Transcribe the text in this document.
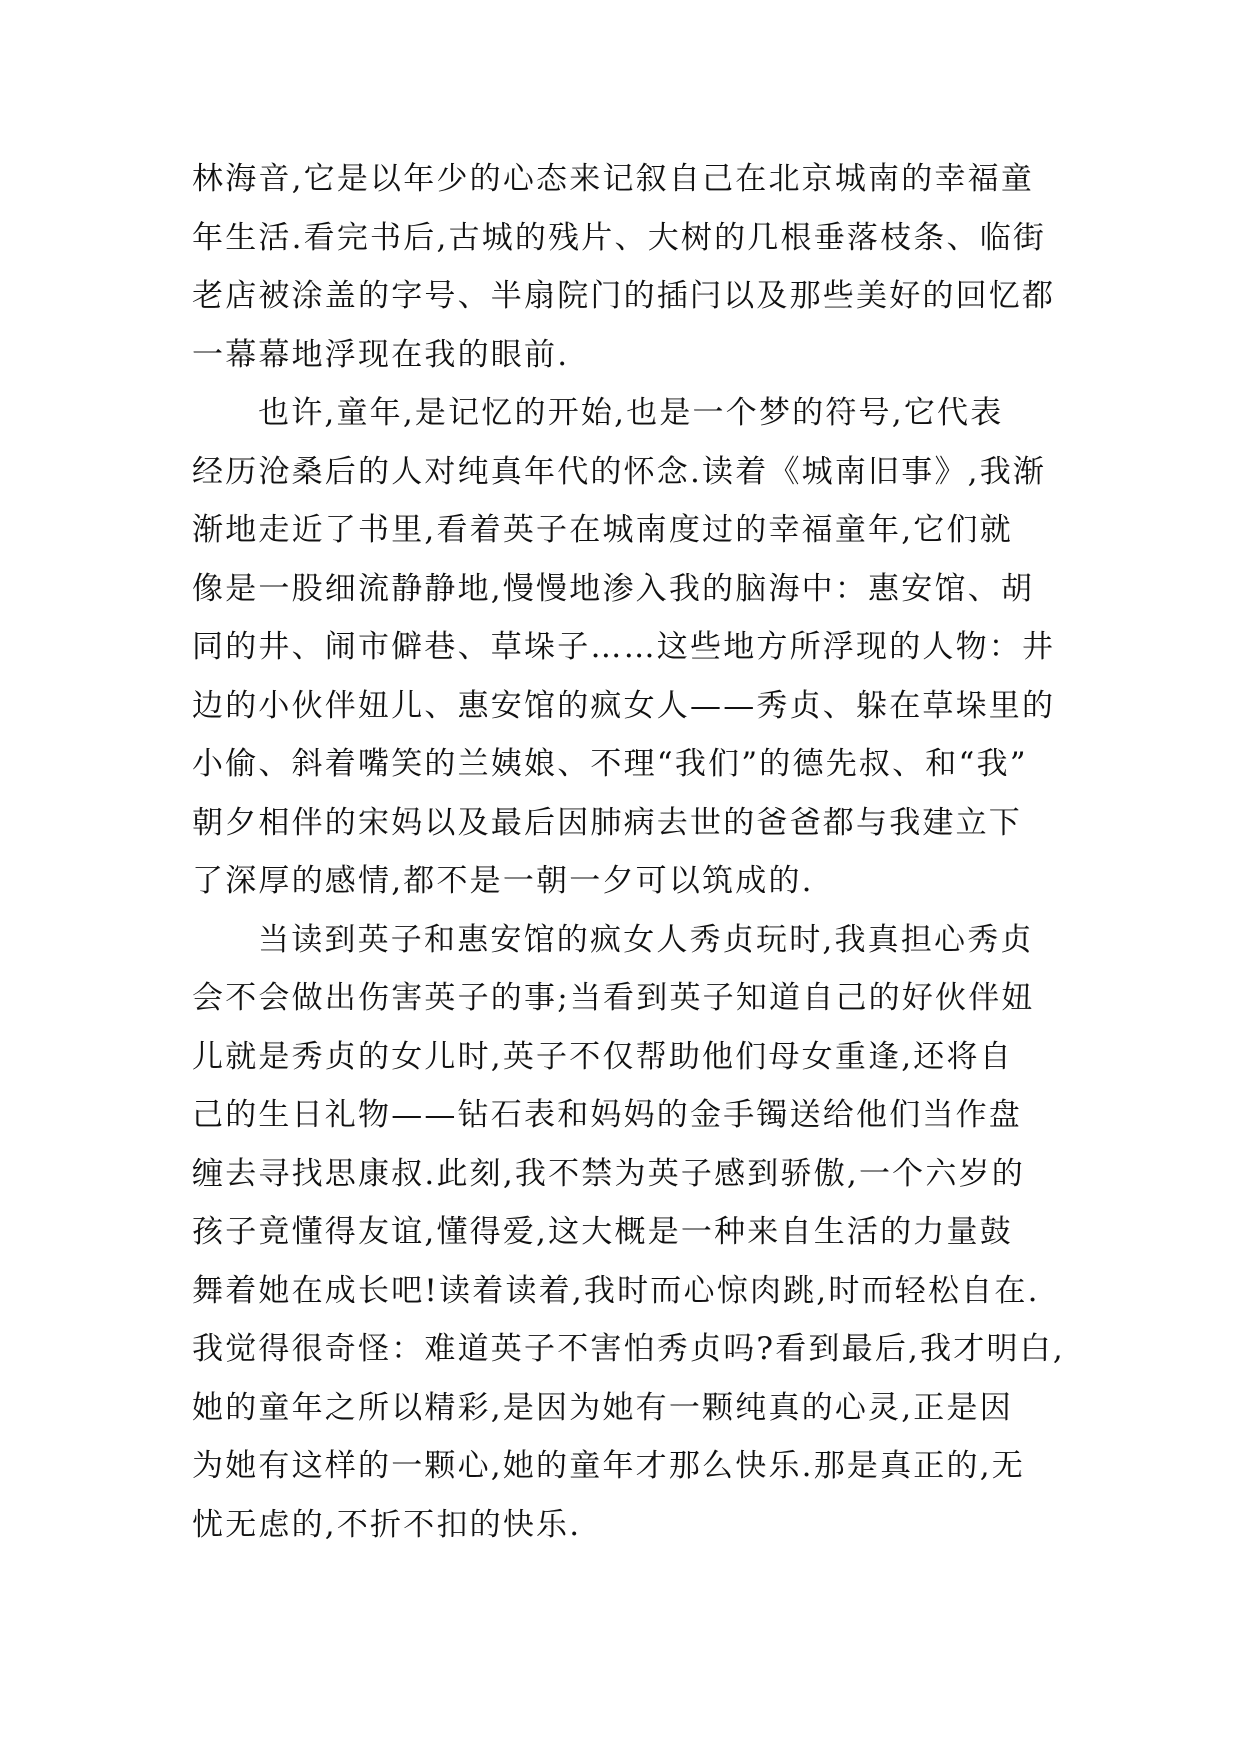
林海音,它是以年少的心态来记叙自己在北京城南的幸福童
年生活.看完书后,古城的残片、大树的几根垂落枝条、临街
老店被涂盖的字号、半扇院门的插闩以及那些美好的回忆都
一幕幕地浮现在我的眼前.
也许,童年,是记忆的开始,也是一个梦的符号,它代表
经历沧桑后的人对纯真年代的怀念.读着《城南旧事》,我渐
渐地走近了书里,看着英子在城南度过的幸福童年,它们就
像是一股细流静静地,慢慢地渗入我的脑海中：惠安馆、胡
同的井、闹市僻巷、草垛子……这些地方所浮现的人物：井
边的小伙伴妞儿、惠安馆的疯女人——秀贞、躲在草垛里的
小偷、斜着嘴笑的兰姨娘、不理“我们”的德先叔、和“我”
朝夕相伴的宋妈以及最后因肺病去世的爸爸都与我建立下
了深厚的感情,都不是一朝一夕可以筑成的.
当读到英子和惠安馆的疯女人秀贞玩时,我真担心秀贞
会不会做出伤害英子的事;当看到英子知道自己的好伙伴妞
儿就是秀贞的女儿时,英子不仅帮助他们母女重逢,还将自
己的生日礼物——钻石表和妈妈的金手镯送给他们当作盘
缠去寻找思康叔.此刻,我不禁为英子感到骄傲,一个六岁的
孩子竟懂得友谊,懂得爱,这大概是一种来自生活的力量鼓
舞着她在成长吧!读着读着,我时而心惊肉跳,时而轻松自在.
我觉得很奇怪：难道英子不害怕秀贞吗?看到最后,我才明白,
她的童年之所以精彩,是因为她有一颗纯真的心灵,正是因
为她有这样的一颗心,她的童年才那么快乐.那是真正的,无
忧无虑的,不折不扣的快乐.
